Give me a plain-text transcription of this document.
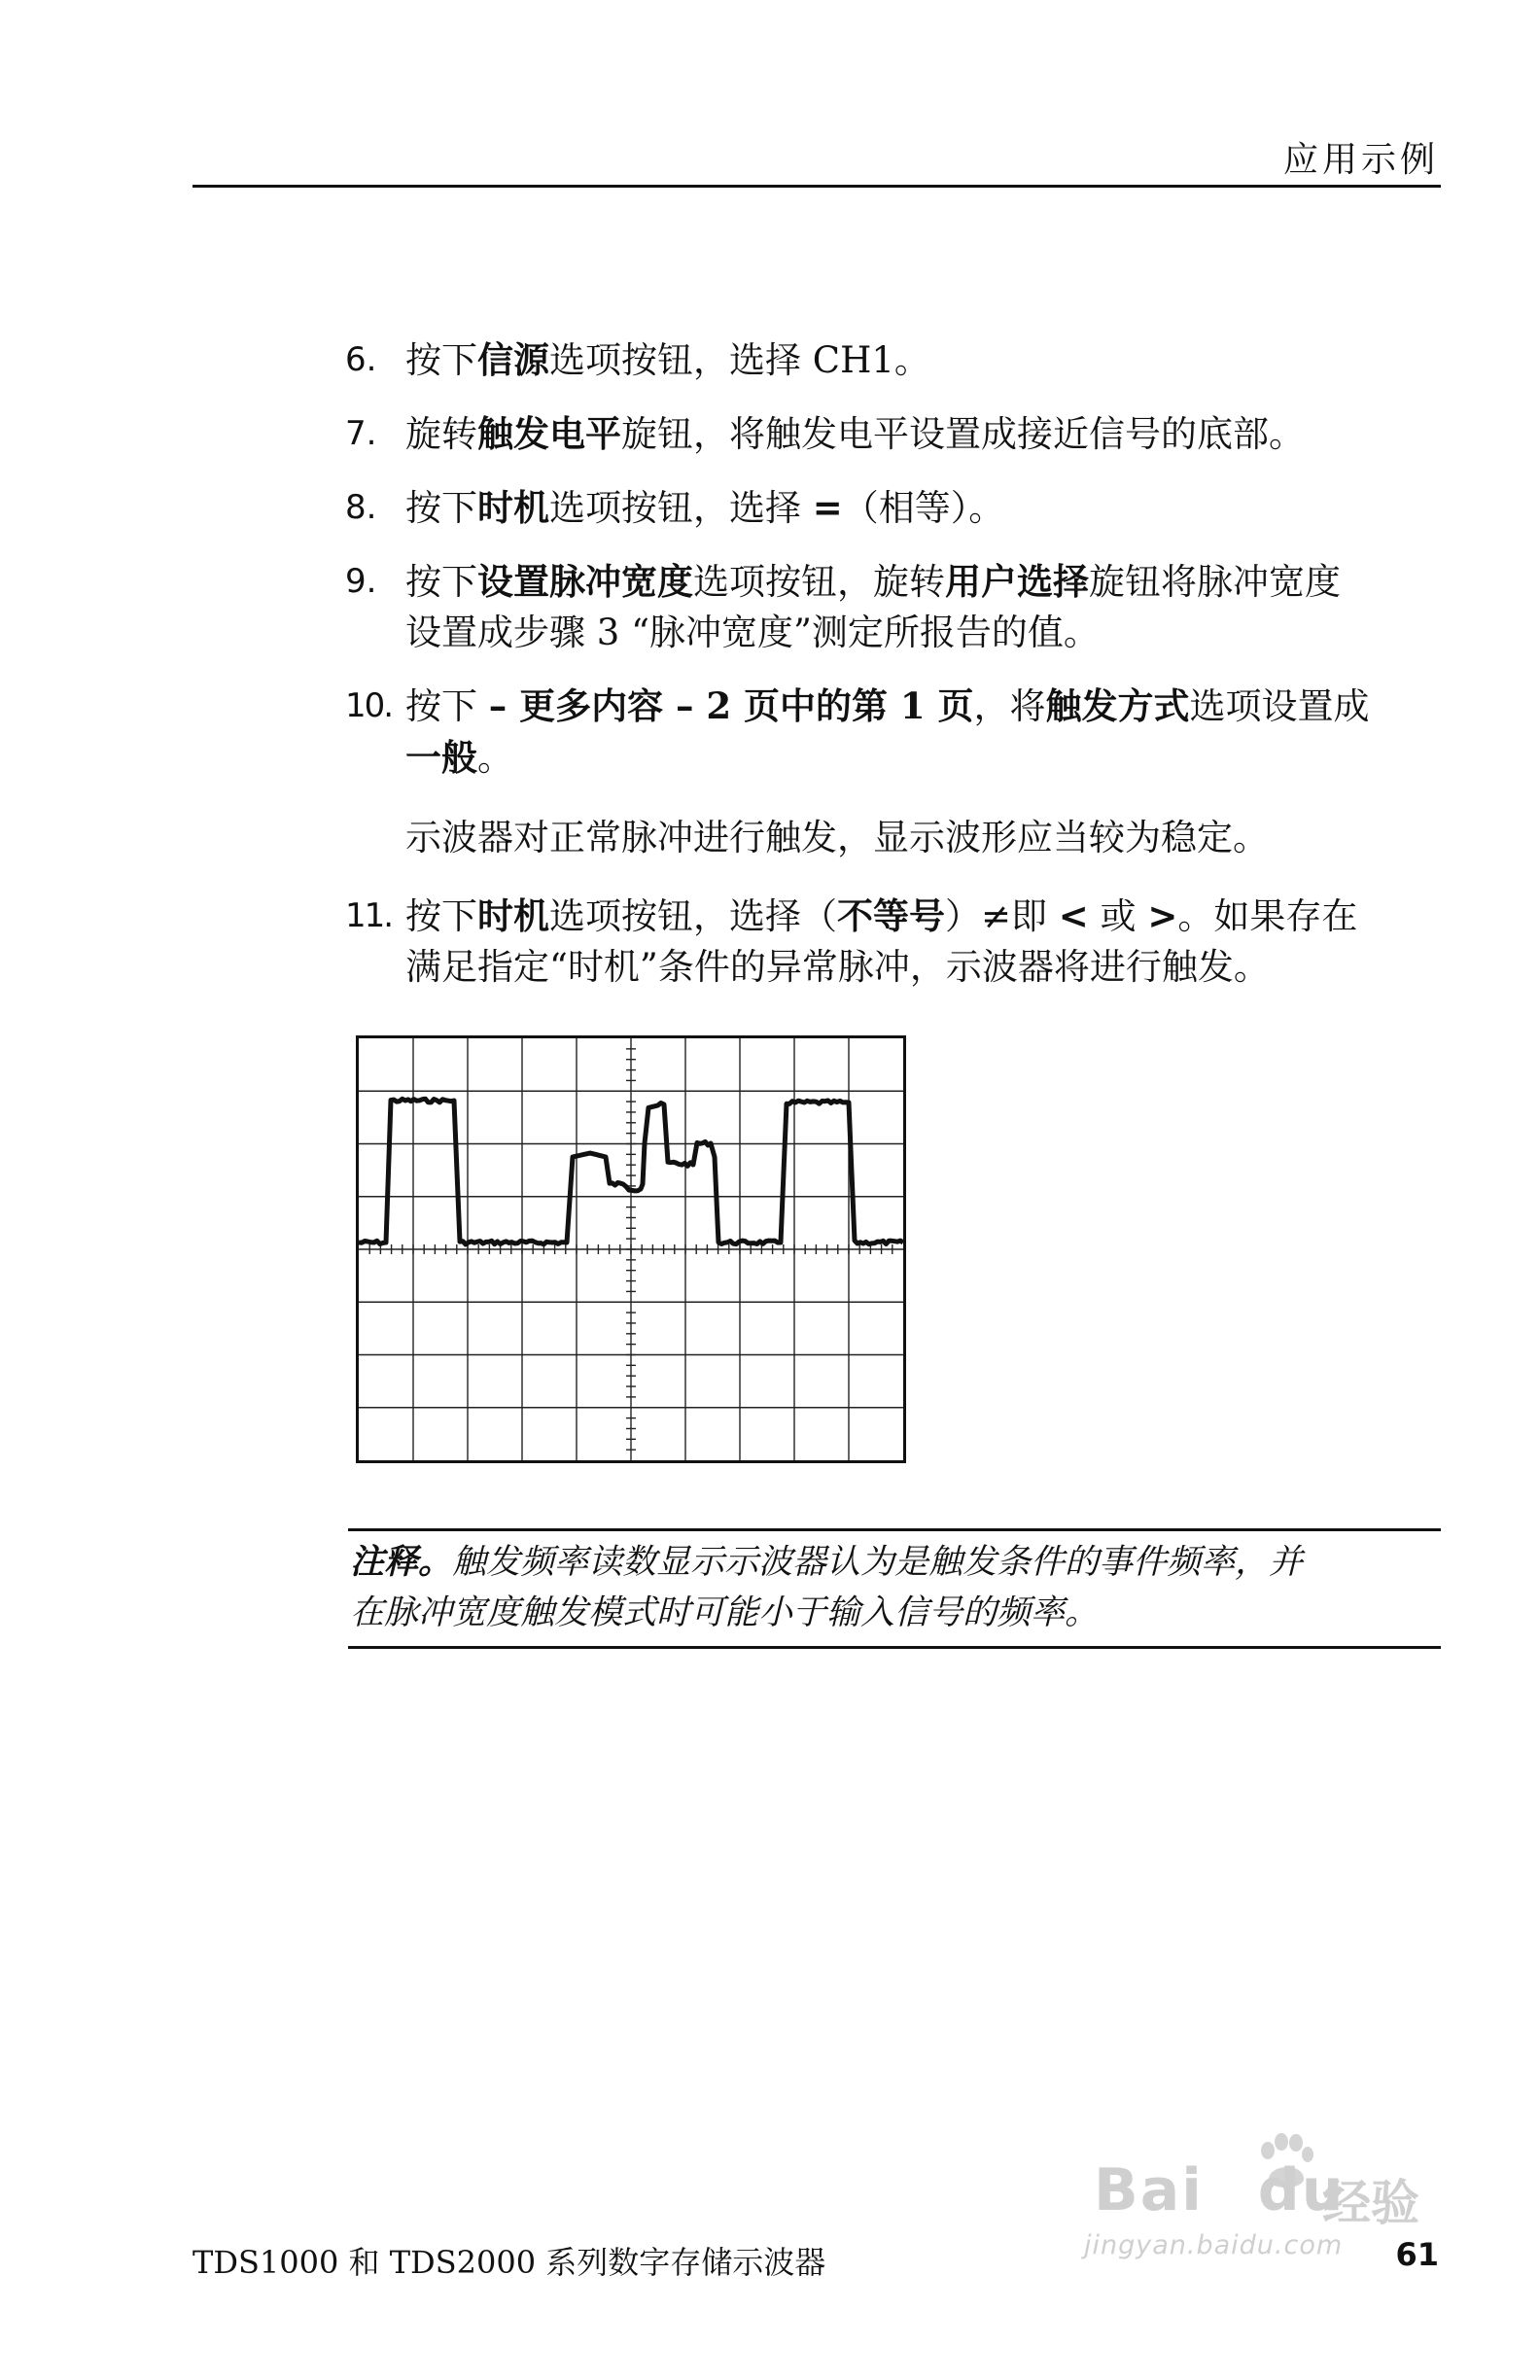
应用示例
6. 按下信源选项按钮，选择 CH1。
7. 旋转触发电平旋钮，将触发电平设置成接近信号的底部。
8. 按下时机选项按钮，选择 =（相等）。
9. 按下设置脉冲宽度选项按钮，旋转用户选择旋钮将脉冲宽度
设置成步骤 3 “脉冲宽度”测定所报告的值。
10. 按下 – 更多内容 – 2 页中的第 1 页，将触发方式选项设置成
一般。
示波器对正常脉冲进行触发，显示波形应当较为稳定。
11. 按下时机选项按钮，选择（不等号）≠即 < 或 >。如果存在
满足指定“时机”条件的异常脉冲，示波器将进行触发。
注释。触发频率读数显示示波器认为是触发条件的事件频率，并
在脉冲宽度触发模式时可能小于输入信号的频率。
Bai du
经验
jingyan.baidu.com
TDS1000 和 TDS2000 系列数字存储示波器	61
